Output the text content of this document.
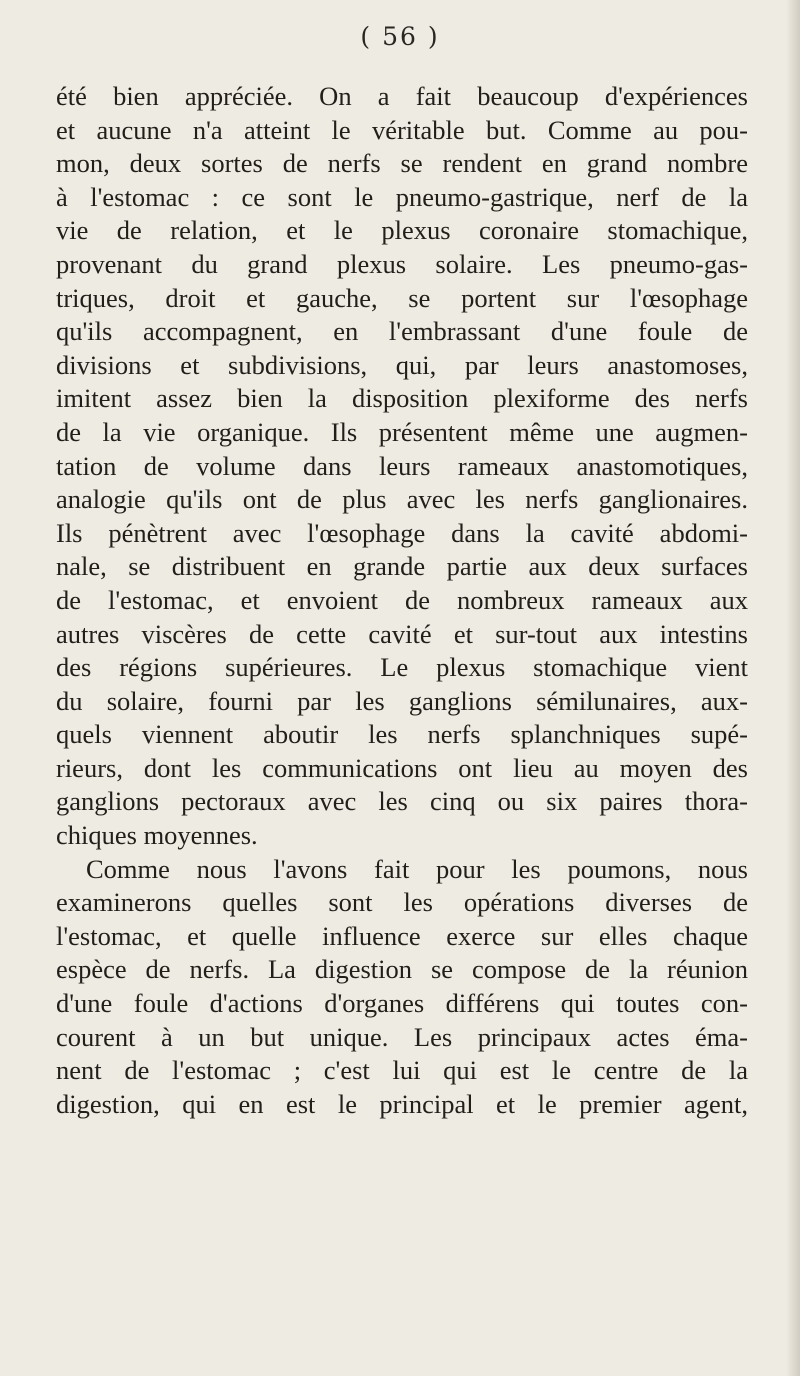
( 56 )

été bien appréciée. On a fait beaucoup d'expériences
et aucune n'a atteint le véritable but. Comme au pou-
mon, deux sortes de nerfs se rendent en grand nombre
à l'estomac : ce sont le pneumo-gastrique, nerf de la
vie de relation, et le plexus coronaire stomachique,
provenant du grand plexus solaire. Les pneumo-gas-
triques, droit et gauche, se portent sur l'œsophage
qu'ils accompagnent, en l'embrassant d'une foule de
divisions et subdivisions, qui, par leurs anastomoses,
imitent assez bien la disposition plexiforme des nerfs
de la vie organique. Ils présentent même une augmen-
tation de volume dans leurs rameaux anastomotiques,
analogie qu'ils ont de plus avec les nerfs ganglionaires.
Ils pénètrent avec l'œsophage dans la cavité abdomi-
nale, se distribuent en grande partie aux deux surfaces
de l'estomac, et envoient de nombreux rameaux aux
autres viscères de cette cavité et sur-tout aux intestins
des régions supérieures. Le plexus stomachique vient
du solaire, fourni par les ganglions sémilunaires, aux-
quels viennent aboutir les nerfs splanchniques supé-
rieurs, dont les communications ont lieu au moyen des
ganglions pectoraux avec les cinq ou six paires thora-
chiques moyennes.
Comme nous l'avons fait pour les poumons, nous
examinerons quelles sont les opérations diverses de
l'estomac, et quelle influence exerce sur elles chaque
espèce de nerfs. La digestion se compose de la réunion
d'une foule d'actions d'organes différens qui toutes con-
courent à un but unique. Les principaux actes éma-
nent de l'estomac ; c'est lui qui est le centre de la
digestion, qui en est le principal et le premier agent,
